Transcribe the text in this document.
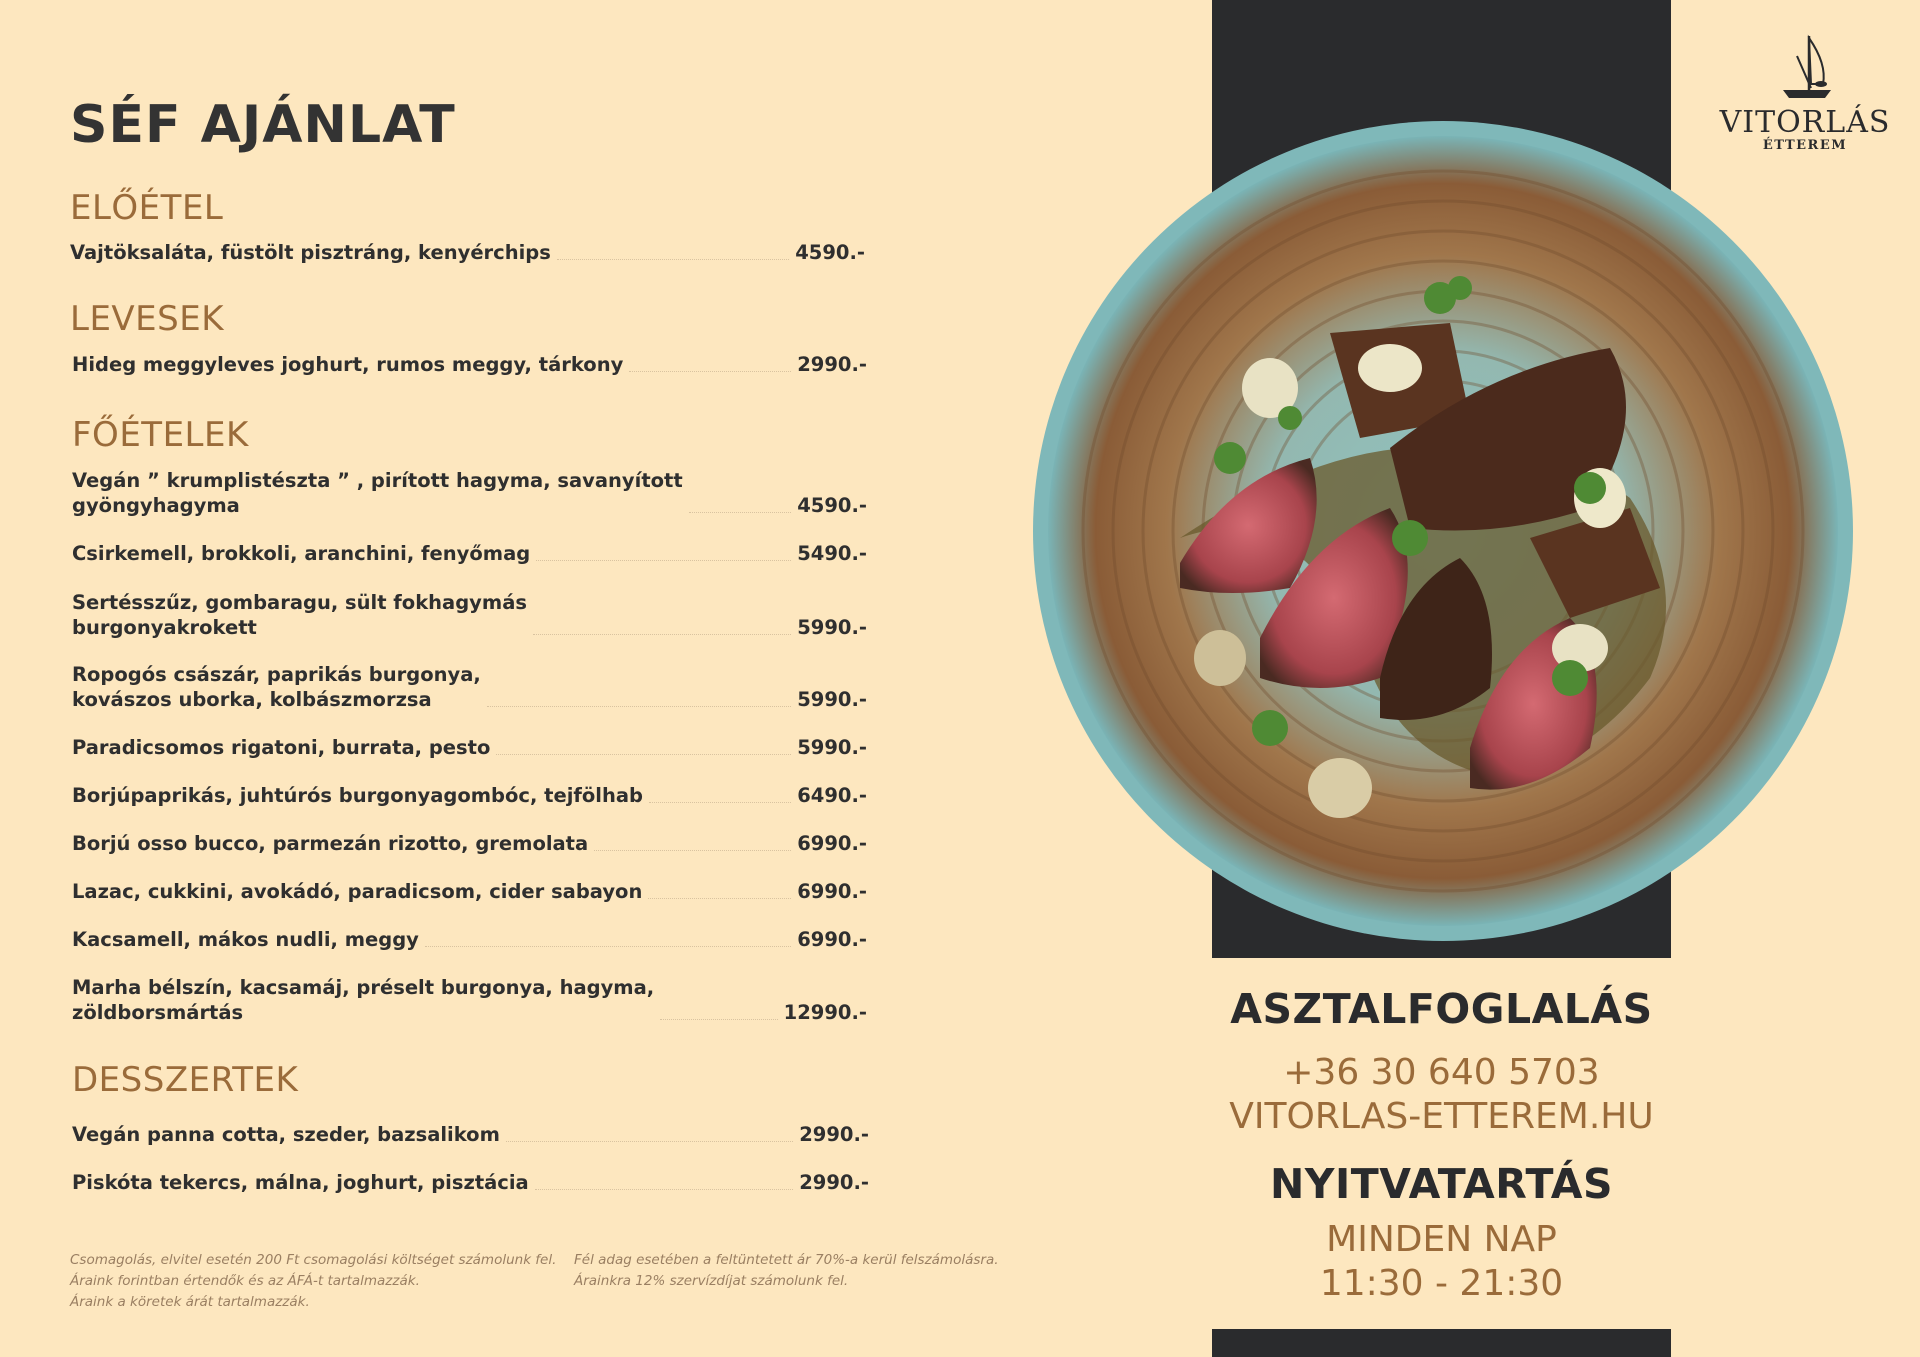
SÉF AJÁNLAT
ELŐÉTEL
Vajtöksaláta, füstölt pisztráng, kenyérchips	4590.-
LEVESEK
Hideg meggyleves joghurt, rumos meggy, tárkony	2990.-
FŐÉTELEK
Vegán ” krumplistészta ” , pirított hagyma, savanyított
gyöngyhagyma	4590.-
Csirkemell, brokkoli, aranchini, fenyőmag	5490.-
Sertésszűz, gombaragu, sült fokhagymás
burgonyakrokett	5990.-
Ropogós császár, paprikás burgonya,
kovászos uborka, kolbászmorzsa	5990.-
Paradicsomos rigatoni, burrata, pesto	5990.-
Borjúpaprikás, juhtúrós burgonyagombóc, tejfölhab	6490.-
Borjú osso bucco, parmezán rizotto, gremolata	6990.-
Lazac, cukkini, avokádó, paradicsom, cider sabayon	6990.-
Kacsamell, mákos nudli, meggy	6990.-
Marha bélszín, kacsamáj, préselt burgonya, hagyma,
zöldborsmártás	12990.-
DESSZERTEK
Vegán panna cotta, szeder, bazsalikom	2990.-
Piskóta tekercs, málna, joghurt, pisztácia	2990.-
Csomagolás, elvitel esetén 200 Ft csomagolási költséget számolunk fel.
Áraink forintban értendők és az ÁFÁ-t tartalmazzák.
Áraink a köretek árát tartalmazzák.
Fél adag esetében a feltüntetett ár 70%-a kerül felszámolásra.
Árainkra 12% szervízdíjat számolunk fel.
VITORLÁS
ÉTTEREM
ASZTALFOGLALÁS
+36 30 640 5703
VITORLAS-ETTEREM.HU
NYITVATARTÁS
MINDEN NAP
11:30 - 21:30
